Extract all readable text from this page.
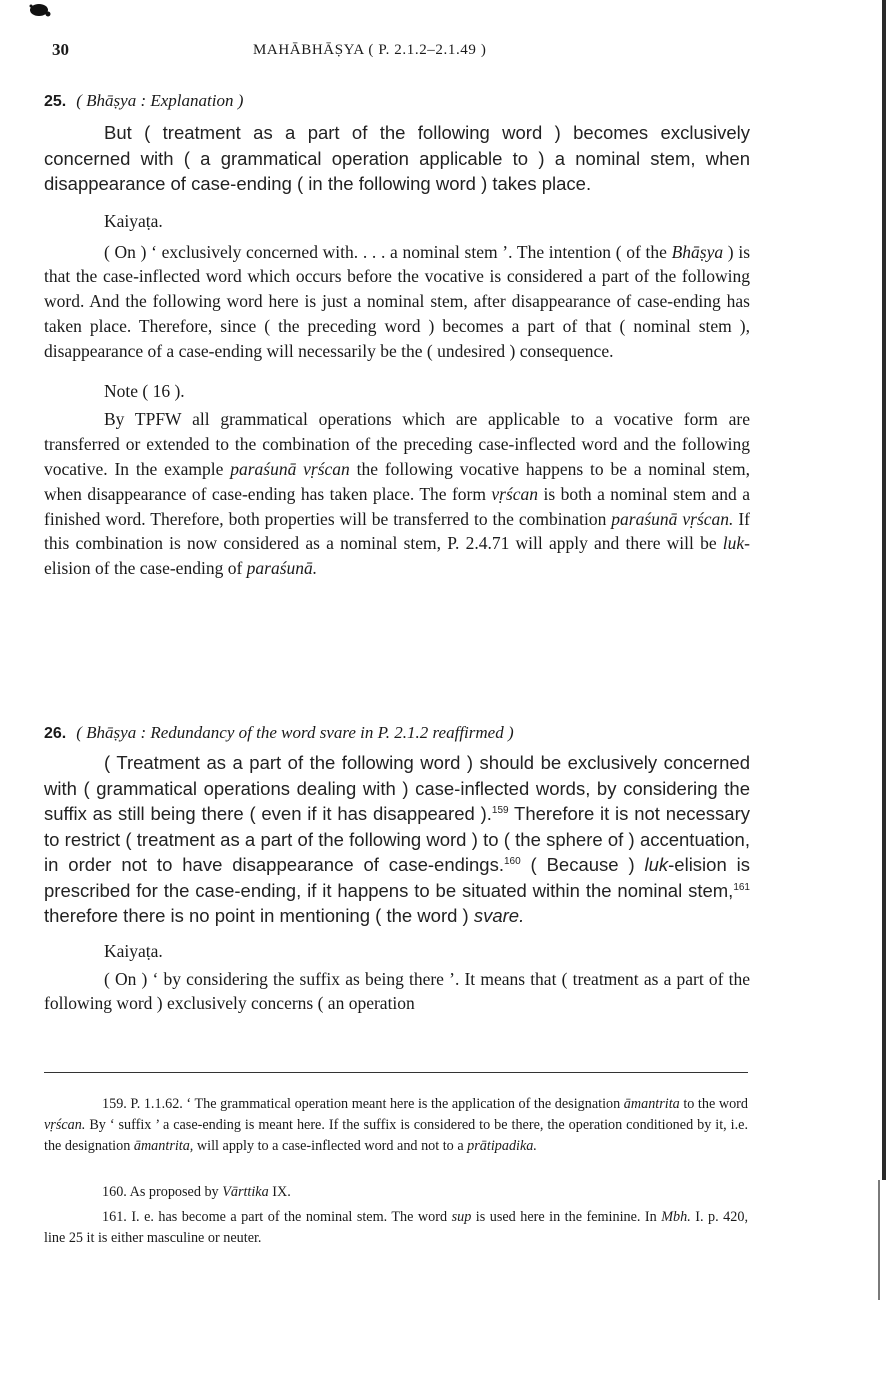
30	MAHĀBHĀṢYA ( P. 2.1.2–2.1.49 )
25. ( Bhāṣya : Explanation )

But ( treatment as a part of the following word ) becomes exclusively concerned with ( a grammatical operation applicable to ) a nominal stem, when disappearance of case-ending ( in the following word ) takes place.

Kaiyaṭa.

( On ) ‘ exclusively concerned with. . . . a nominal stem ’. The intention ( of the Bhāṣya ) is that the case-inflected word which occurs before the vocative is considered a part of the following word. And the following word here is just a nominal stem, after disappearance of case-ending has taken place. Therefore, since ( the preceding word ) becomes a part of that ( nominal stem ), disappearance of a case-ending will necessarily be the ( undesired ) consequence.

Note ( 16 ).

By TPFW all grammatical operations which are applicable to a vocative form are transferred or extended to the combination of the preceding case-inflected word and the following vocative. In the example paraśunā vṛścan the following vocative happens to be a nominal stem, when disappearance of case-ending has taken place. The form vṛścan is both a nominal stem and a finished word. Therefore, both properties will be transferred to the combination paraśunā vṛścan. If this combination is now considered as a nominal stem, P. 2.4.71 will apply and there will be luk-elision of the case-ending of paraśunā.

26. ( Bhāṣya : Redundancy of the word svare in P. 2.1.2 reaffirmed )

( Treatment as a part of the following word ) should be exclusively concerned with ( grammatical operations dealing with ) case-inflected words, by considering the suffix as still being there ( even if it has disappeared ).$^{159}$ Therefore it is not necessary to restrict ( treatment as a part of the following word ) to ( the sphere of ) accentuation, in order not to have disappearance of case-endings.$^{160}$ ( Because ) luk-elision is prescribed for the case-ending, if it happens to be situated within the nominal stem,$^{161}$ therefore there is no point in mentioning ( the word ) svare.

Kaiyaṭa.

( On ) ‘ by considering the suffix as being there ’. It means that ( treatment as a part of the following word ) exclusively concerns ( an operation

159. P. 1.1.62. ‘ The grammatical operation meant here is the application of the designation āmantrita to the word vṛścan. By ‘ suffix ’ a case-ending is meant here. If the suffix is considered to be there, the operation conditioned by it, i.e. the designation āmantrita, will apply to a case-inflected word and not to a prātipadika.

160. As proposed by Vārttika IX.

161. I. e. has become a part of the nominal stem. The word sup is used here in the feminine. In Mbh. I. p. 420, line 25 it is either masculine or neuter.
